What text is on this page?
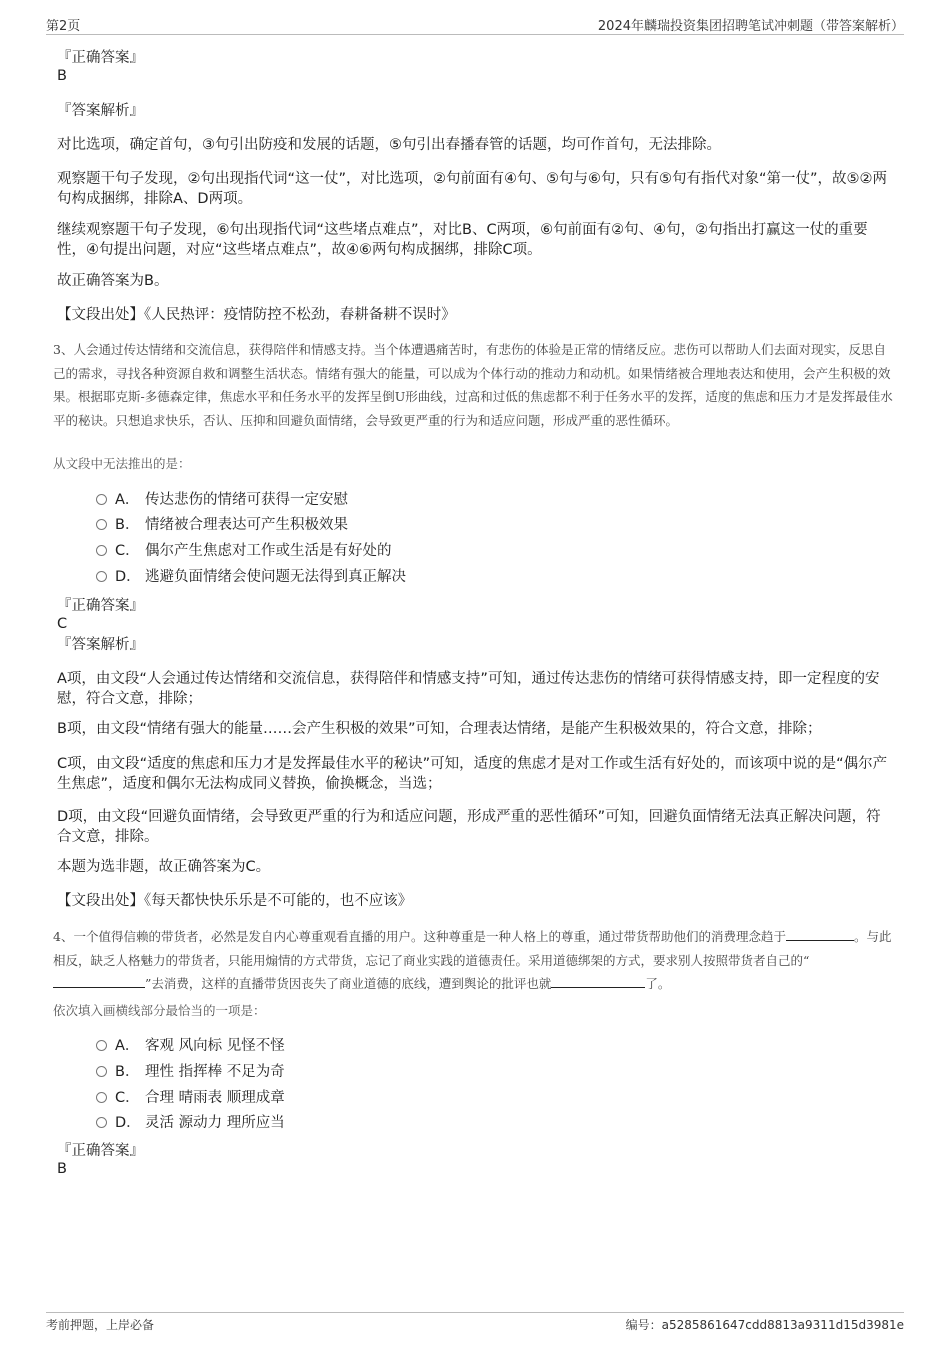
第2页	2024年麟瑞投资集团招聘笔试冲刺题（带答案解析）

『正确答案』

B

『答案解析』

对比选项，确定首句，③句引出防疫和发展的话题，⑤句引出春播春管的话题，均可作首句，无法排除。

观察题干句子发现，②句出现指代词“这一仗”，对比选项，②句前面有④句、⑤句与⑥句，只有⑤句有指代对象“第一仗”，故⑤②两句构成捆绑，排除A、D两项。

继续观察题干句子发现，⑥句出现指代词“这些堵点难点”，对比B、C两项，⑥句前面有②句、④句，②句指出打赢这一仗的重要性，④句提出问题，对应“这些堵点难点”，故④⑥两句构成捆绑，排除C项。

故正确答案为B。

【文段出处】《人民热评：疫情防控不松劲，春耕备耕不误时》

3、人会通过传达情绪和交流信息，获得陪伴和情感支持。当个体遭遇痛苦时，有悲伤的体验是正常的情绪反应。悲伤可以帮助人们去面对现实，反思自己的需求，寻找各种资源自救和调整生活状态。情绪有强大的能量，可以成为个体行动的推动力和动机。如果情绪被合理地表达和使用，会产生积极的效果。根据耶克斯-多德森定律，焦虑水平和任务水平的发挥呈倒U形曲线，过高和过低的焦虑都不利于任务水平的发挥，适度的焦虑和压力才是发挥最佳水平的秘诀。只想追求快乐，否认、压抑和回避负面情绪，会导致更严重的行为和适应问题，形成严重的恶性循环。

从文段中无法推出的是：
A． 传达悲伤的情绪可获得一定安慰
B． 情绪被合理表达可产生积极效果
C． 偶尔产生焦虑对工作或生活是有好处的
D． 逃避负面情绪会使问题无法得到真正解决

『正确答案』

C

『答案解析』

A项，由文段“人会通过传达情绪和交流信息，获得陪伴和情感支持”可知，通过传达悲伤的情绪可获得情感支持，即一定程度的安慰，符合文意，排除；

B项，由文段“情绪有强大的能量……会产生积极的效果”可知，合理表达情绪，是能产生积极效果的，符合文意，排除；

C项，由文段“适度的焦虑和压力才是发挥最佳水平的秘诀”可知，适度的焦虑才是对工作或生活有好处的，而该项中说的是“偶尔产生焦虑”，适度和偶尔无法构成同义替换，偷换概念，当选；

D项，由文段“回避负面情绪，会导致更严重的行为和适应问题，形成严重的恶性循环”可知，回避负面情绪无法真正解决问题，符合文意，排除。

本题为选非题，故正确答案为C。

【文段出处】《每天都快快乐乐是不可能的，也不应该》

4、一个值得信赖的带货者，必然是发自内心尊重观看直播的用户。这种尊重是一种人格上的尊重，通过带货帮助他们的消费理念趋于	。与此相反，缺乏人格魅力的带货者，只能用煽情的方式带货，忘记了商业实践的道德责任。采用道德绑架的方式，要求别人按照带货者自己的“”去消费，这样的直播带货因丧失了商业道德的底线，遭到舆论的批评也就	了。

依次填入画横线部分最恰当的一项是：
A． 客观 风向标 见怪不怪
B． 理性 指挥棒 不足为奇
C． 合理 晴雨表 顺理成章
D． 灵活 源动力 理所应当

『正确答案』

B

考前押题，上岸必备	编号：a5285861647cdd8813a9311d15d3981e
